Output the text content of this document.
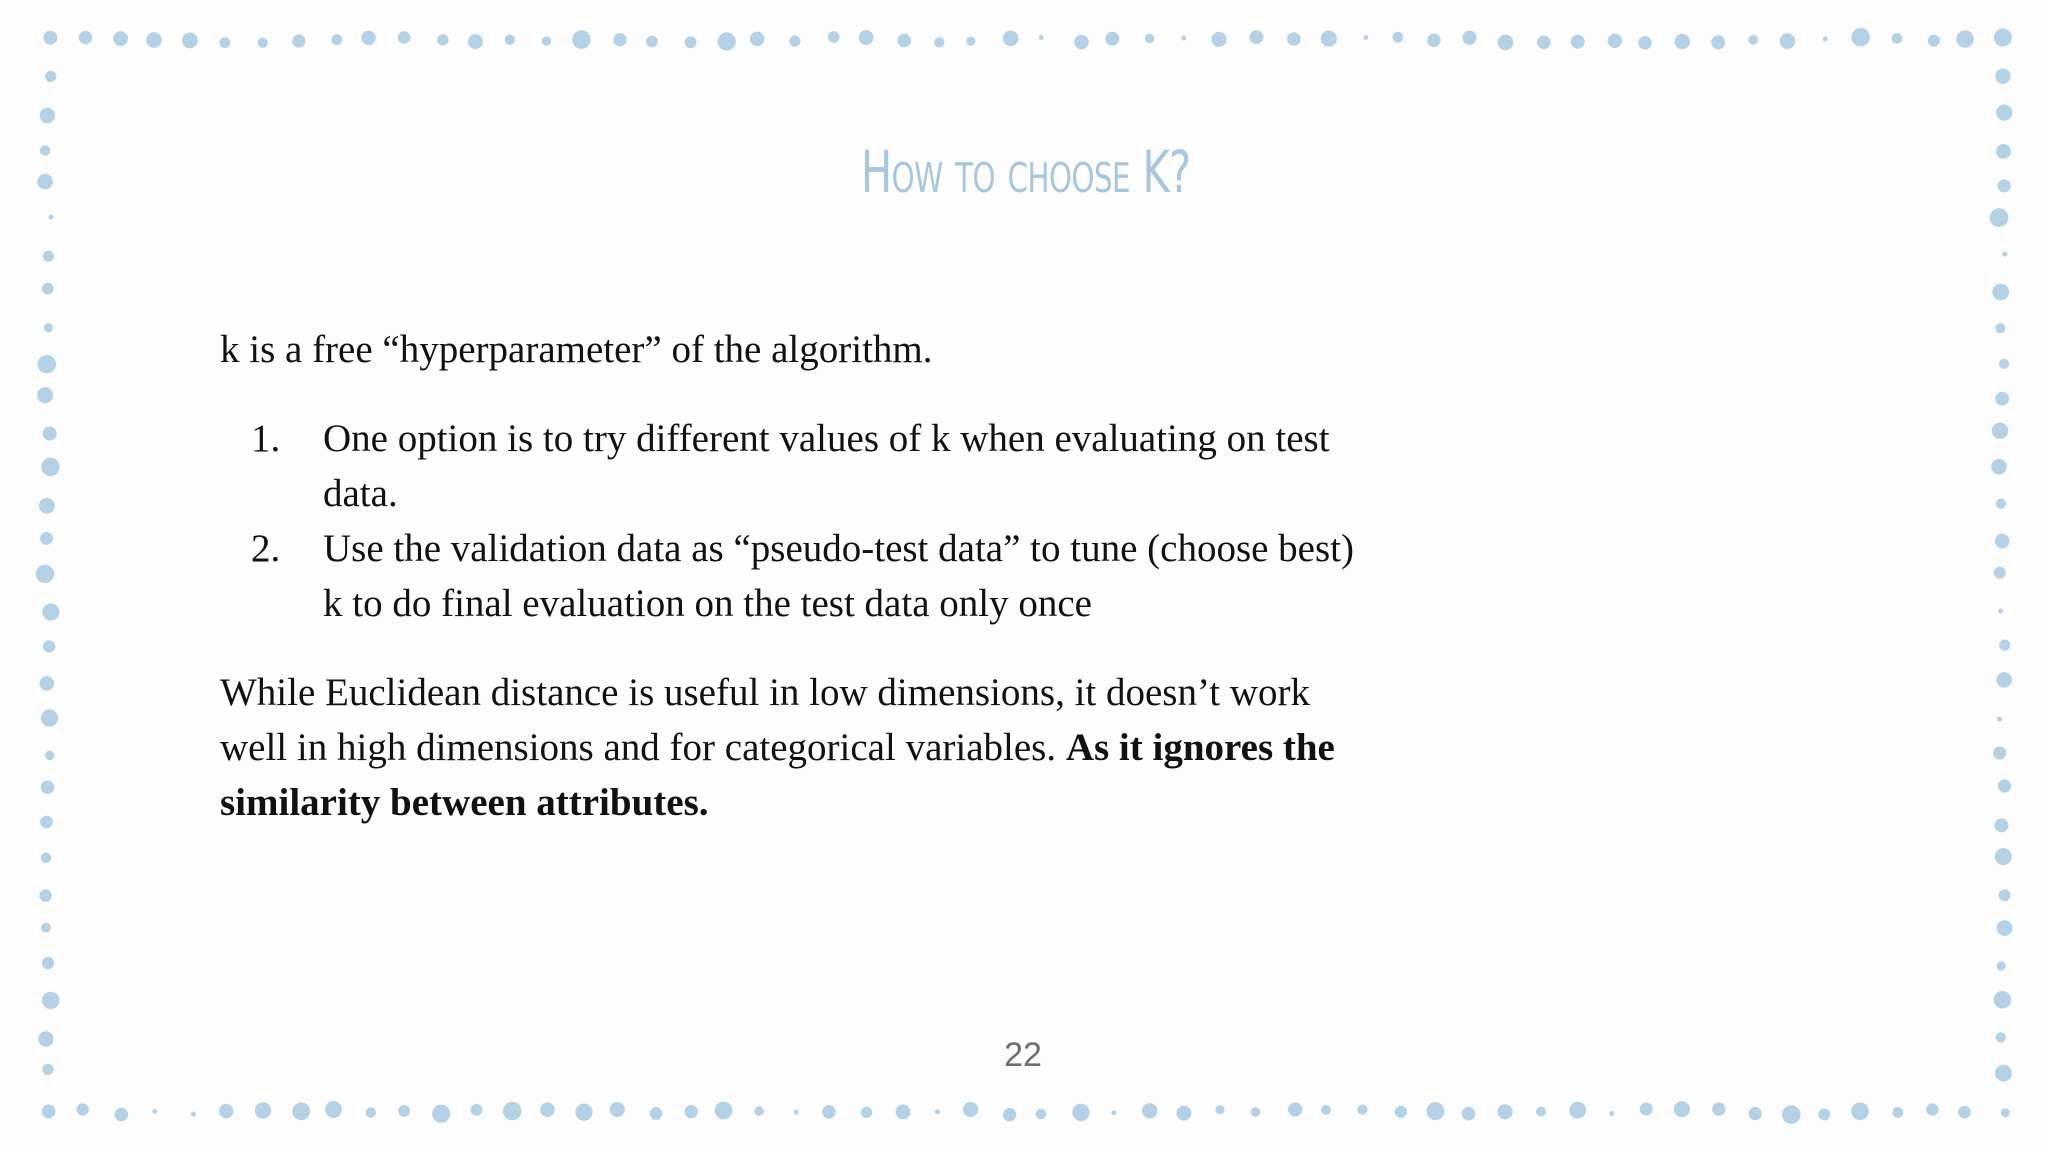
How to choose K?

k is a free “hyperparameter” of the algorithm.

1. One option is to try different values of k when evaluating on test data.
2. Use the validation data as “pseudo-test data” to tune (choose best) k to do final evaluation on the test data only once

While Euclidean distance is useful in low dimensions, it doesn’t work well in high dimensions and for categorical variables. As it ignores the similarity between attributes.

22
